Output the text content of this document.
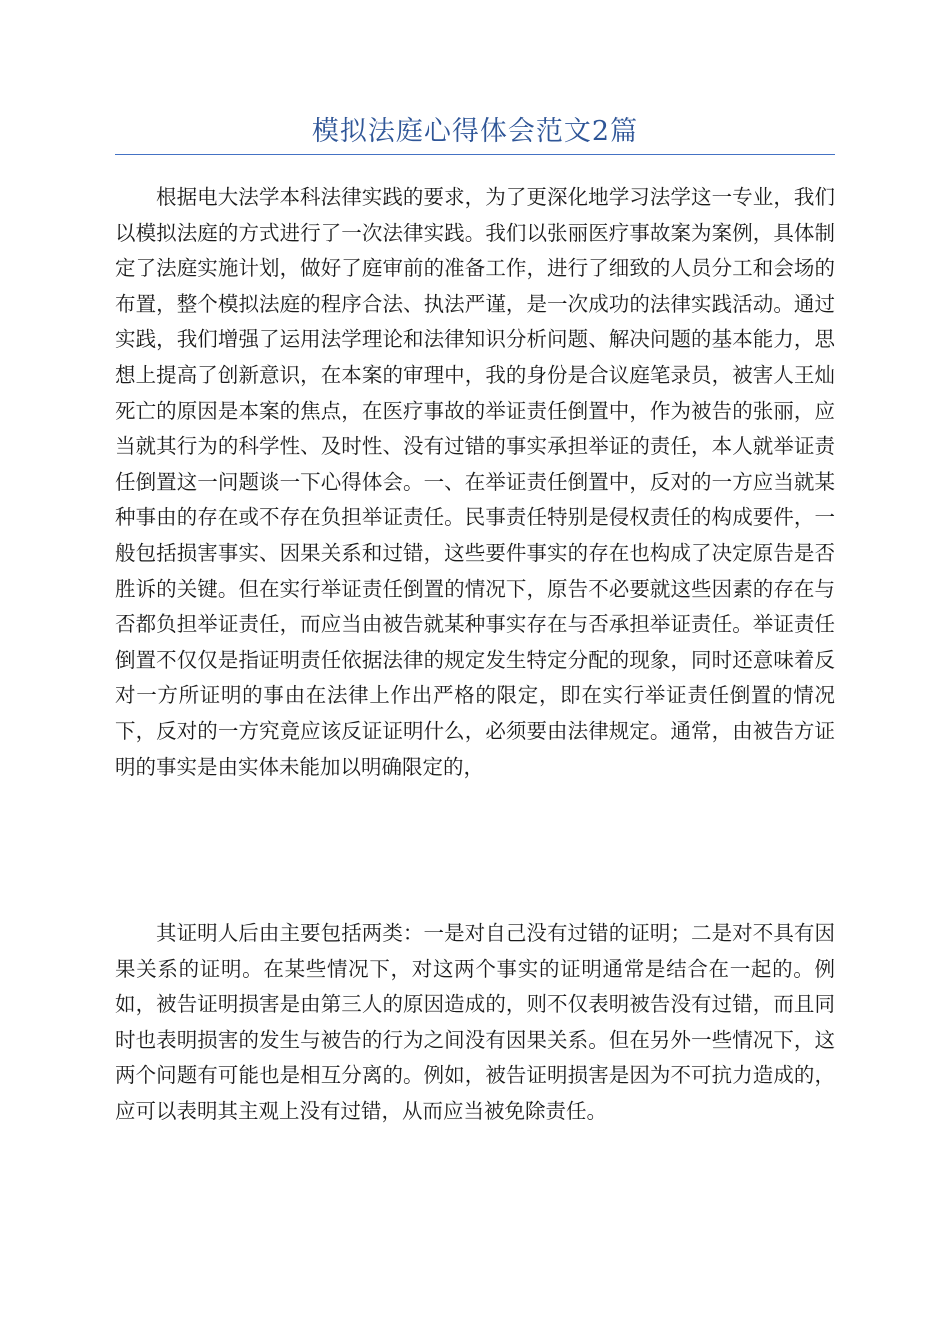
模拟法庭心得体会范文2篇

根据电大法学本科法律实践的要求，为了更深化地学习法学这一专业，我们以模拟法庭的方式进行了一次法律实践。我们以张丽医疗事故案为案例，具体制定了法庭实施计划，做好了庭审前的准备工作，进行了细致的人员分工和会场的布置，整个模拟法庭的程序合法、执法严谨，是一次成功的法律实践活动。通过实践，我们增强了运用法学理论和法律知识分析问题、解决问题的基本能力，思想上提高了创新意识，在本案的审理中，我的身份是合议庭笔录员，被害人王灿死亡的原因是本案的焦点，在医疗事故的举证责任倒置中，作为被告的张丽，应当就其行为的科学性、及时性、没有过错的事实承担举证的责任，本人就举证责任倒置这一问题谈一下心得体会。一、在举证责任倒置中，反对的一方应当就某种事由的存在或不存在负担举证责任。民事责任特别是侵权责任的构成要件，一般包括损害事实、因果关系和过错，这些要件事实的存在也构成了决定原告是否胜诉的关键。但在实行举证责任倒置的情况下，原告不必要就这些因素的存在与否都负担举证责任，而应当由被告就某种事实存在与否承担举证责任。举证责任倒置不仅仅是指证明责任依据法律的规定发生特定分配的现象，同时还意味着反对一方所证明的事由在法律上作出严格的限定，即在实行举证责任倒置的情况下，反对的一方究竟应该反证证明什么，必须要由法律规定。通常，由被告方证明的事实是由实体未能加以明确限定的，

其证明人后由主要包括两类：一是对自己没有过错的证明；二是对不具有因果关系的证明。在某些情况下，对这两个事实的证明通常是结合在一起的。例如，被告证明损害是由第三人的原因造成的，则不仅表明被告没有过错，而且同时也表明损害的发生与被告的行为之间没有因果关系。但在另外一些情况下，这两个问题有可能也是相互分离的。例如，被告证明损害是因为不可抗力造成的，应可以表明其主观上没有过错，从而应当被免除责任。
